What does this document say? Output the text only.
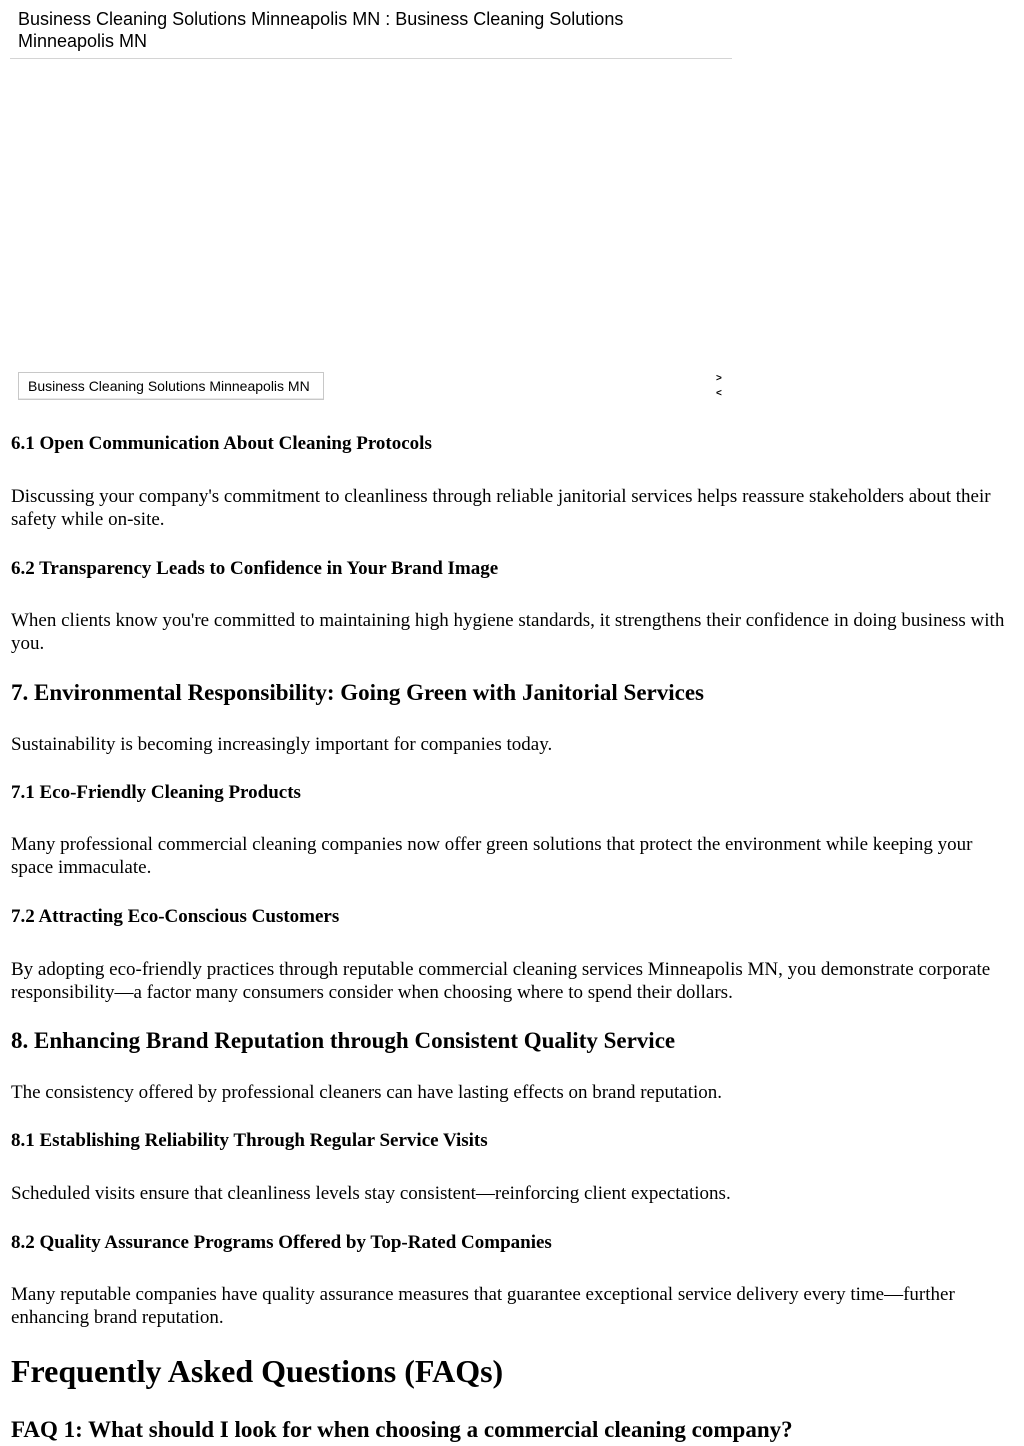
Business Cleaning Solutions Minneapolis MN : Business Cleaning Solutions Minneapolis MN
Business Cleaning Solutions Minneapolis MN	>
<
6.1 Open Communication About Cleaning Protocols
Discussing your company's commitment to cleanliness through reliable janitorial services helps reassure stakeholders about their safety while on-site.
6.2 Transparency Leads to Confidence in Your Brand Image
When clients know you're committed to maintaining high hygiene standards, it strengthens their confidence in doing business with you.
7. Environmental Responsibility: Going Green with Janitorial Services
Sustainability is becoming increasingly important for companies today.
7.1 Eco-Friendly Cleaning Products
Many professional commercial cleaning companies now offer green solutions that protect the environment while keeping your space immaculate.
7.2 Attracting Eco-Conscious Customers
By adopting eco-friendly practices through reputable commercial cleaning services Minneapolis MN, you demonstrate corporate responsibility—a factor many consumers consider when choosing where to spend their dollars.
8. Enhancing Brand Reputation through Consistent Quality Service
The consistency offered by professional cleaners can have lasting effects on brand reputation.
8.1 Establishing Reliability Through Regular Service Visits
Scheduled visits ensure that cleanliness levels stay consistent—reinforcing client expectations.
8.2 Quality Assurance Programs Offered by Top-Rated Companies
Many reputable companies have quality assurance measures that guarantee exceptional service delivery every time—further enhancing brand reputation.
Frequently Asked Questions (FAQs)
FAQ 1: What should I look for when choosing a commercial cleaning company?
